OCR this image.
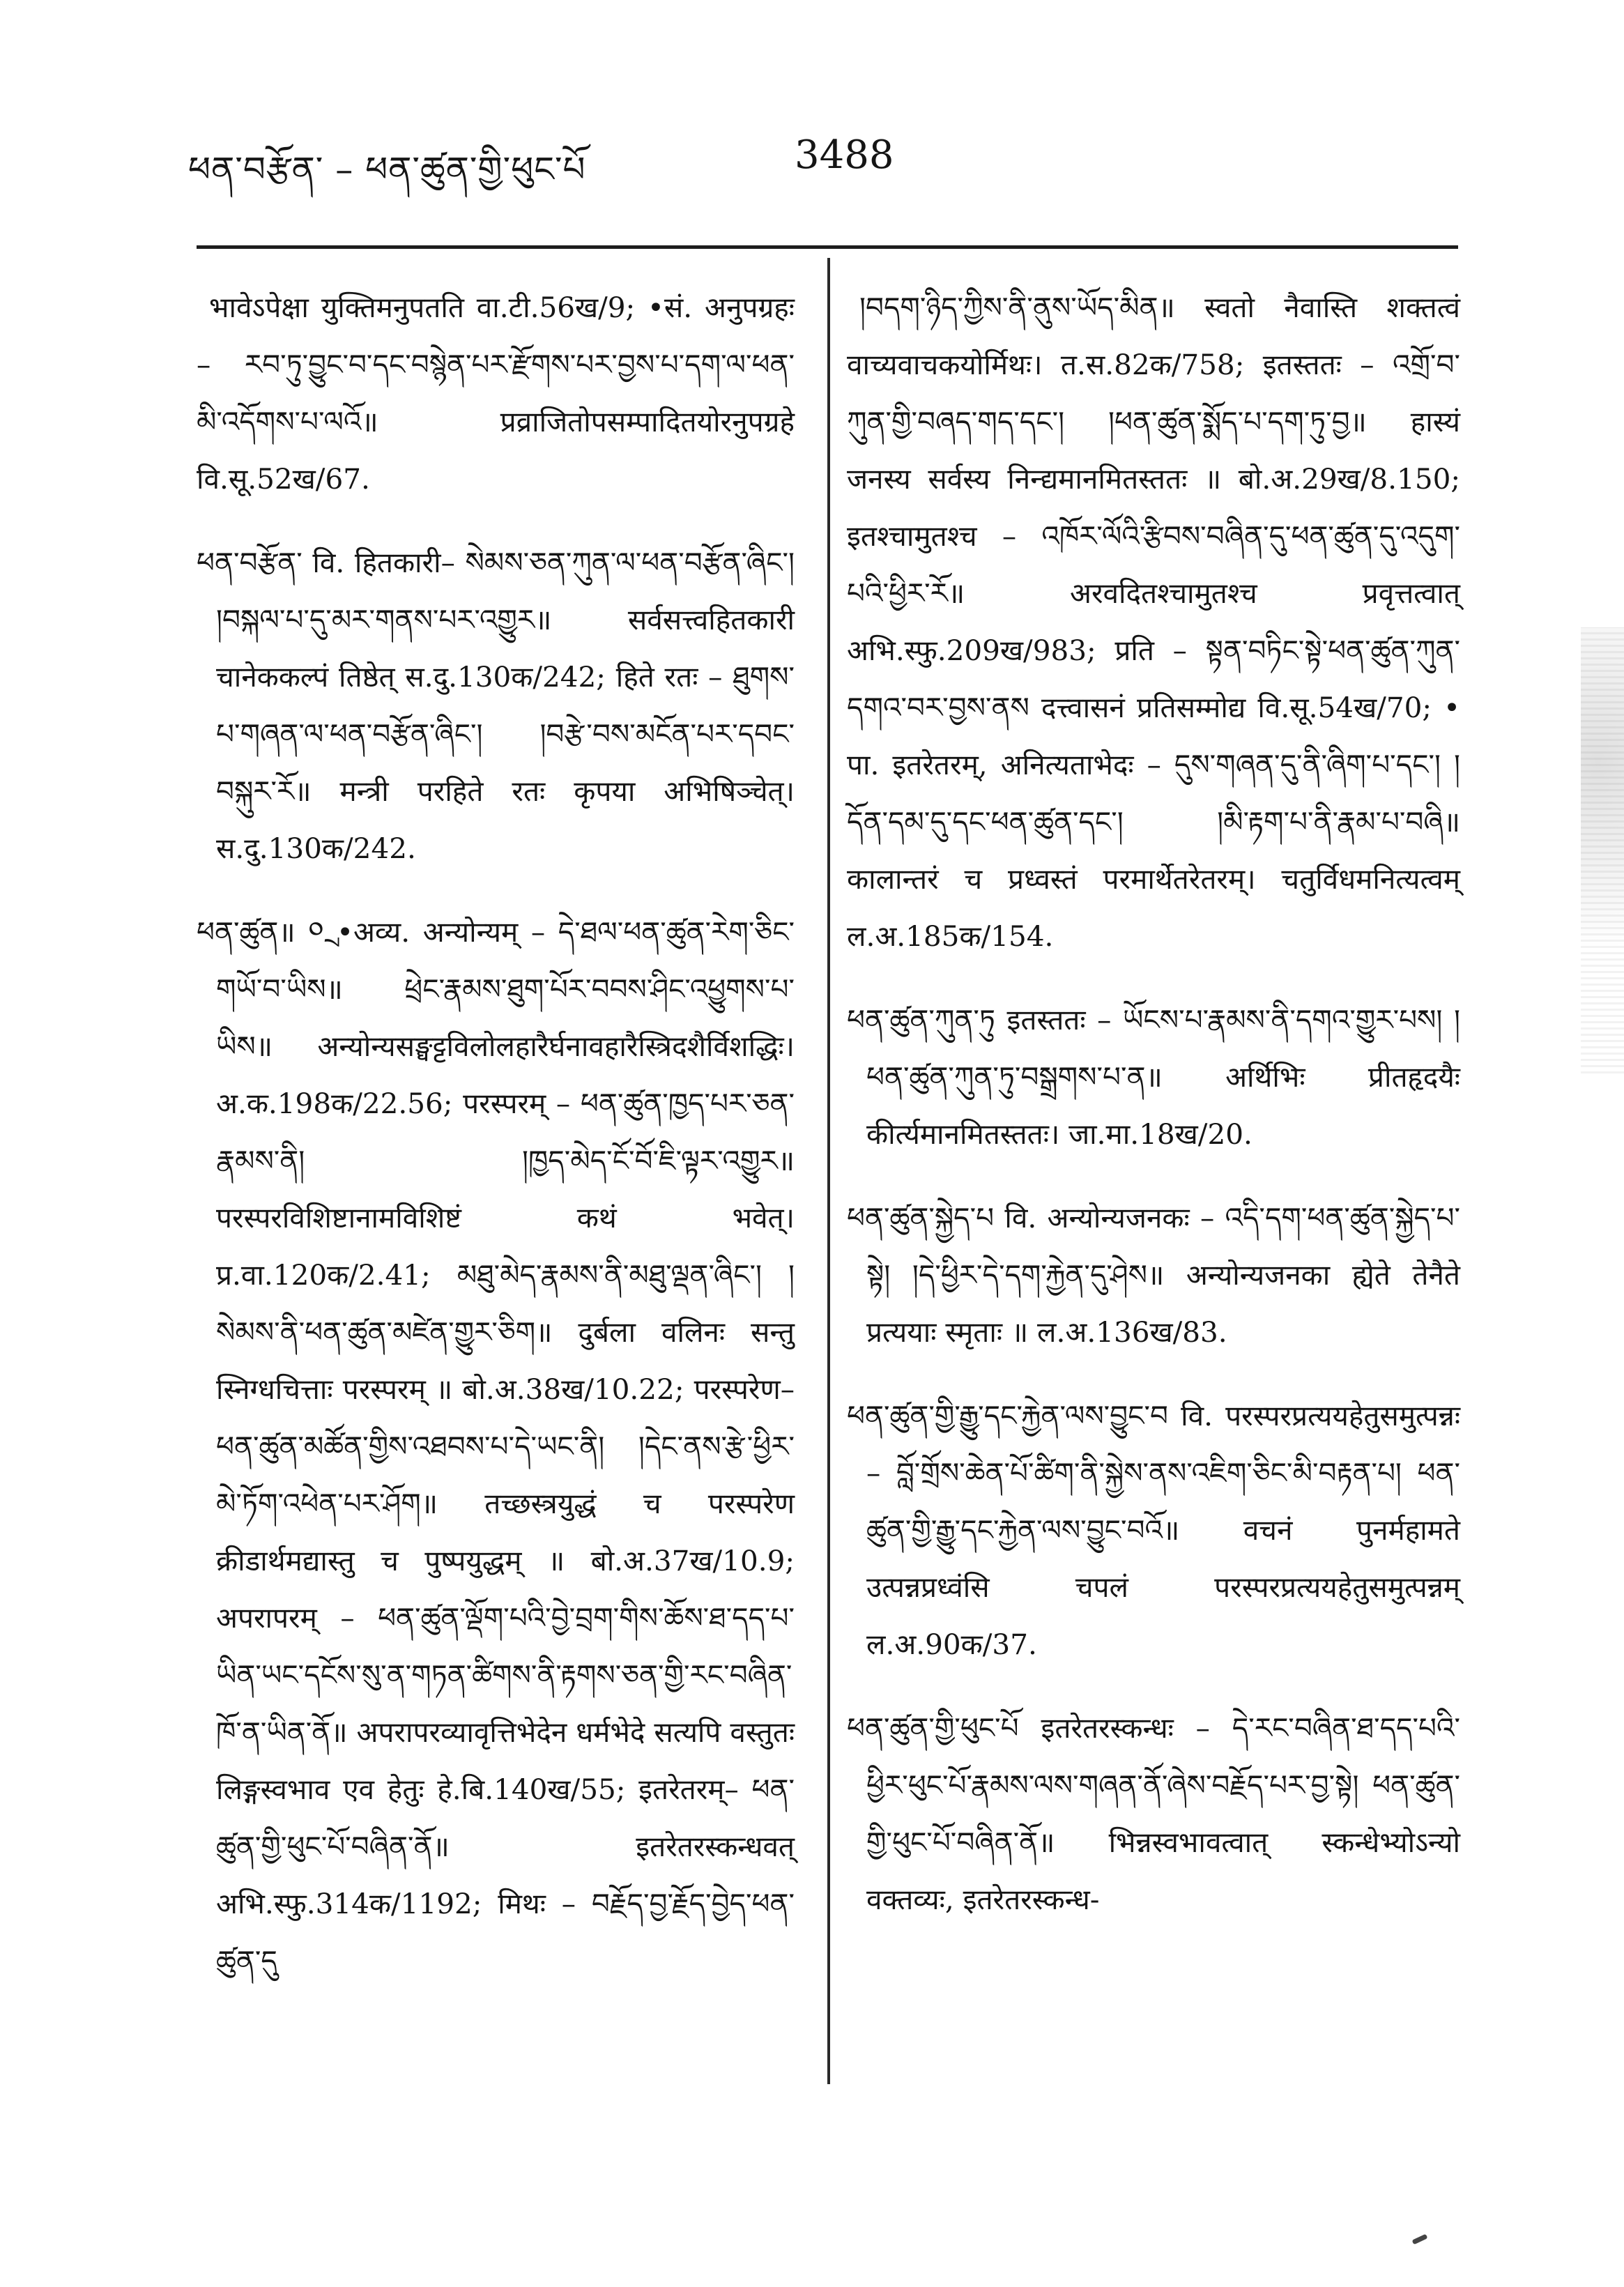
ཕན་བརྩོན་ – ཕན་ཚུན་གྱི་ཕུང་པོ	3488

भावेऽपेक्षा युक्तिमनुपतति वा.टी.56ख/9; •सं. अनुपग्रहः – རབ་ཏུ་བྱུང་བ་དང་བསྙེན་པར་རྫོགས་པར་བྱས་པ་དག་ལ་ཕན་མི་འདོགས་པ་ལའོ॥ प्रव्राजितोपसम्पादितयोरनुपग्रहे वि.सू.52ख/67.

ཕན་བརྩོན་ वि. हितकारी– སེམས་ཅན་ཀུན་ལ་ཕན་བརྩོན་ཞིང་། །བསྐལ་པ་དུ་མར་གནས་པར་འགྱུར॥ सर्वसत्त्वहितकारी चानेककल्पं तिष्ठेत् स.दु.130क/242; हिते रतः – ཐུགས་པ་གཞན་ལ་ཕན་བརྩོན་ཞིང་། །བརྩེ་བས་མངོན་པར་དབང་བསྐུར་རོ॥ मन्त्री परहिते रतः कृपया अभिषिञ्चेत्। स.दु.130क/242.

ཕན་ཚུན॥ ༠ྲ •अव्य. अन्योन्यम् – དེ་ཐལ་ཕན་ཚུན་རེག་ཅིང་གཡོ་བ་ཡིས॥ ཕྲེང་རྣམས་ཐུག་པོར་བབས་ཤིང་འཕྱུགས་པ་ཡིས॥ अन्योन्यसङ्घट्टविलोलहारैर्घनावहारैस्त्रिदशैर्विशद्धिः। अ.क.198क/22.56; परस्परम् – ཕན་ཚུན་ཁྱད་པར་ཅན་རྣམས་ནི། །ཁྱད་མེད་ངོ་བོ་ཇི་ལྟར་འགྱུར॥ परस्परविशिष्टानामविशिष्टं कथं भवेत्। प्र.वा.120क/2.41; མཐུ་མེད་རྣམས་ནི་མཐུ་ལྡན་ཞིང་། །སེམས་ནི་ཕན་ཚུན་མཛེན་གྱུར་ཅིག॥ दुर्बला वलिनः सन्तु स्निग्धचित्ताः परस्परम् ॥ बो.अ.38ख/10.22; परस्परेण– ཕན་ཚུན་མཚོན་གྱིས་འཐབས་པ་དེ་ཡང་ནི། །དེང་ནས་རྩེ་ཕྱིར་མེ་ཏོག་འཕེན་པར་ཤོག॥ तच्छस्त्रयुद्धं च परस्परेण क्रीडार्थमद्यास्तु च पुष्पयुद्धम् ॥ बो.अ.37ख/10.9; अपरापरम् – ཕན་ཚུན་ལྡོག་པའི་བྱེ་བྲག་གིས་ཆོས་ཐ་དད་པ་ཡིན་ཡང་དངོས་སུ་ན་གཏན་ཚིགས་ནི་རྟགས་ཅན་གྱི་རང་བཞིན་ཁོ་ན་ཡིན་ནོ॥ अपरापरव्यावृत्तिभेदेन धर्मभेदे सत्यपि वस्तुतः लिङ्गस्वभाव एव हेतुः हे.बि.140ख/55; इतरेतरम्– ཕན་ཚུན་གྱི་ཕུང་པོ་བཞིན་ནོ॥ इतरेतरस्कन्धवत् अभि.स्फु.314क/1192; मिथः – བརྗོད་བྱ་རྗོད་བྱེད་ཕན་ཚུན་དུ

།བདག་ཉིད་ཀྱིས་ནི་ནུས་ཡོད་མིན॥ स्वतो नैवास्ति शक्तत्वं वाच्यवाचकयोर्मिथः। त.स.82क/758; इतस्ततः – འགྲོ་བ་ཀུན་གྱི་བཞད་གད་དང་། །ཕན་ཚུན་སྨོད་པ་དག་ཏུ་བྱ॥ हास्यं जनस्य सर्वस्य निन्द्यमानमितस्ततः ॥ बो.अ.29ख/8.150; इतश्चामुतश्च – འཁོར་ལོའི་རྩིབས་བཞིན་དུ་ཕན་ཚུན་དུ་འདུག་པའི་ཕྱིར་རོ॥ अरवदितश्चामुतश्च प्रवृत्तत्वात् अभि.स्फु.209ख/983; प्रति – སྟན་བཏིང་སྟེ་ཕན་ཚུན་ཀུན་དགའ་བར་བྱས་ནས दत्त्वासनं प्रतिसम्मोद्य वि.सू.54ख/70; • पा. इतरेतरम्, अनित्यताभेदः – དུས་གཞན་དུ་ནི་ཞིག་པ་དང་། །དོན་དམ་དུ་དང་ཕན་ཚུན་དང་། །མི་རྟག་པ་ནི་རྣམ་པ་བཞི॥ कालान्तरं च प्रध्वस्तं परमार्थेतरेतरम्। चतुर्विधमनित्यत्वम् ल.अ.185क/154.

ཕན་ཚུན་ཀུན་ཏུ इतस्ततः – ཡོངས་པ་རྣམས་ནི་དགའ་གྱུར་པས། །ཕན་ཚུན་ཀུན་ཏུ་བསྒྲགས་པ་ན॥ अर्थिभिः प्रीतहृदयैः कीर्त्यमानमितस्ततः। जा.मा.18ख/20.

ཕན་ཚུན་སྐྱེད་པ वि. अन्योन्यजनकः – འདི་དག་ཕན་ཚུན་སྐྱེད་པ་སྟེ། །དེ་ཕྱིར་དེ་དག་རྐྱེན་དུ་ཤེས॥ अन्योन्यजनका ह्येते तेनैते प्रत्ययाः स्मृताः ॥ ल.अ.136ख/83.

ཕན་ཚུན་གྱི་རྒྱུ་དང་རྐྱེན་ལས་བྱུང་བ वि. परस्परप्रत्ययहेतुसमुत्पन्नः – བློ་གྲོས་ཆེན་པོ་ཚིག་ནི་སྐྱེས་ནས་འཇིག་ཅིང་མི་བརྟན་པ། ཕན་ཚུན་གྱི་རྒྱུ་དང་རྐྱེན་ལས་བྱུང་བའོ॥ वचनं पुनर्महामते उत्पन्नप्रध्वंसि चपलं परस्परप्रत्ययहेतुसमुत्पन्नम् ल.अ.90क/37.

ཕན་ཚུན་གྱི་ཕུང་པོ इतरेतरस्कन्धः – དེ་རང་བཞིན་ཐ་དད་པའི་ཕྱིར་ཕུང་པོ་རྣམས་ལས་གཞན་ནོ་ཞེས་བརྗོད་པར་བྱ་སྟེ། ཕན་ཚུན་གྱི་ཕུང་པོ་བཞིན་ནོ॥ भिन्नस्वभावत्वात् स्कन्धेभ्योऽन्यो वक्तव्यः, इतरेतरस्कन्ध-
